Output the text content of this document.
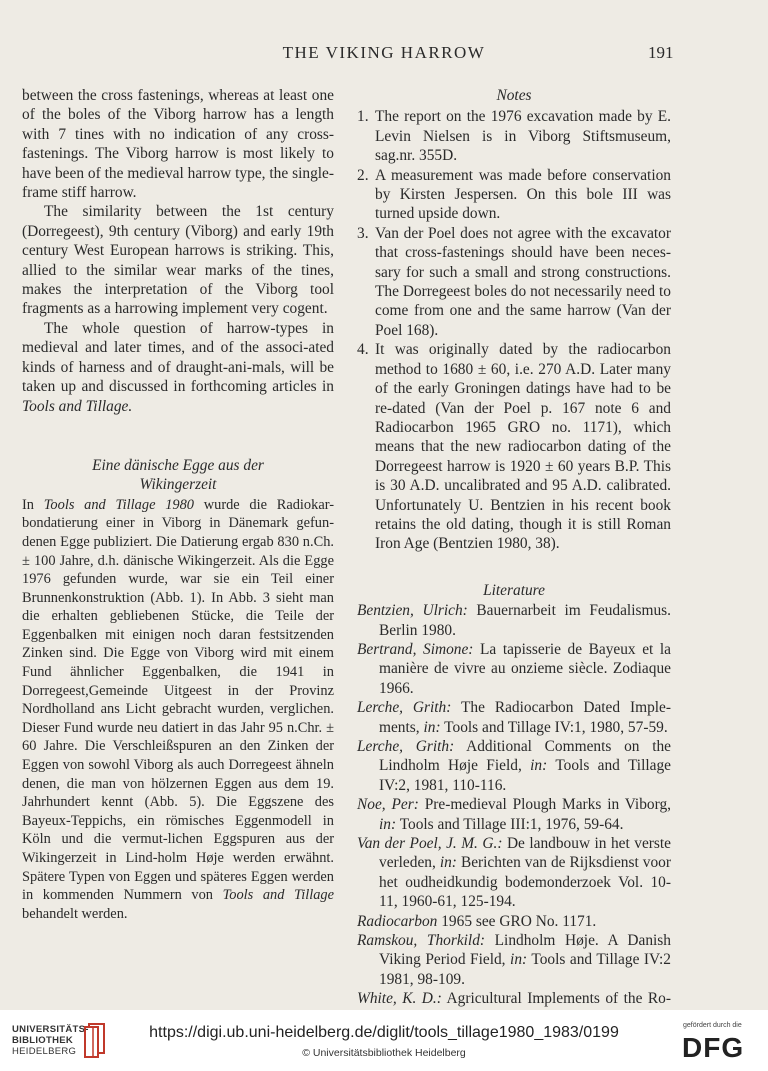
THE VIKING HARROW	191

between the cross fastenings, whereas at least one of the boles of the Viborg harrow has a length with 7 tines with no indication of any cross-fastenings. The Viborg harrow is most likely to have been of the medieval harrow type, the single-frame stiff harrow.

The similarity between the 1st century (Dorregeest), 9th century (Viborg) and early 19th century West European harrows is striking. This, allied to the similar wear marks of the tines, makes the interpretation of the Viborg tool fragments as a harrowing implement very cogent.

The whole question of harrow-types in medieval and later times, and of the associ-ated kinds of harness and of draught-ani-mals, will be taken up and discussed in forthcoming articles in Tools and Tillage.

Eine dänische Egge aus der
Wikingerzeit

In Tools and Tillage 1980 wurde die Radiokar-bondatierung einer in Viborg in Dänemark gefun-denen Egge publiziert. Die Datierung ergab 830 n.Ch. ± 100 Jahre, d.h. dänische Wikingerzeit. Als die Egge 1976 gefunden wurde, war sie ein Teil einer Brunnenkonstruktion (Abb. 1). In Abb. 3 sieht man die erhalten gebliebenen Stücke, die Teile der Eggenbalken mit einigen noch daran festsitzenden Zinken sind. Die Egge von Viborg wird mit einem Fund ähnlicher Eggenbalken, die 1941 in Dorregeest,Gemeinde Uitgeest in der Provinz Nordholland ans Licht gebracht wurden, verglichen. Dieser Fund wurde neu datiert in das Jahr 95 n.Chr. ± 60 Jahre. Die Verschleißspuren an den Zinken der Eggen von sowohl Viborg als auch Dorregeest ähneln denen, die man von hölzernen Eggen aus dem 19. Jahrhundert kennt (Abb. 5). Die Eggszene des Bayeux-Teppichs, ein römisches Eggenmodell in Köln und die vermut-lichen Eggspuren aus der Wikingerzeit in Lind-holm Høje werden erwähnt. Spätere Typen von Eggen und späteres Eggen werden in kommenden Nummern von Tools and Tillage behandelt werden.

Notes
1. The report on the 1976 excavation made by E. Levin Nielsen is in Viborg Stiftsmuseum, sag.nr. 355D.
2. A measurement was made before conservation by Kirsten Jespersen. On this bole III was turned upside down.
3. Van der Poel does not agree with the excavator that cross-fastenings should have been neces-sary for such a small and strong constructions. The Dorregeest boles do not necessarily need to come from one and the same harrow (Van der Poel 168).
4. It was originally dated by the radiocarbon method to 1680 ± 60, i.e. 270 A.D. Later many of the early Groningen datings have had to be re-dated (Van der Poel p. 167 note 6 and Radiocarbon 1965 GRO no. 1171), which means that the new radiocarbon dating of the Dorregeest harrow is 1920 ± 60 years B.P. This is 30 A.D. uncalibrated and 95 A.D. calibrated. Unfortunately U. Bentzien in his recent book retains the old dating, though it is still Roman Iron Age (Bentzien 1980, 38).
Literature

Bentzien, Ulrich: Bauernarbeit im Feudalismus. Berlin 1980.

Bertrand, Simone: La tapisserie de Bayeux et la manière de vivre au onzieme siècle. Zodiaque 1966.

Lerche, Grith: The Radiocarbon Dated Imple-ments, in: Tools and Tillage IV:1, 1980, 57-59.

Lerche, Grith: Additional Comments on the Lindholm Høje Field, in: Tools and Tillage IV:2, 1981, 110-116.

Noe, Per: Pre-medieval Plough Marks in Viborg, in: Tools and Tillage III:1, 1976, 59-64.

Van der Poel, J. M. G.: De landbouw in het verste verleden, in: Berichten van de Rijksdienst voor het oudheidkundig bodemonderzoek Vol. 10-11, 1960-61, 125-194.

Radiocarbon 1965 see GRO No. 1171.

Ramskou, Thorkild: Lindholm Høje. A Danish Viking Period Field, in: Tools and Tillage IV:2 1981, 98-109.

White, K. D.: Agricultural Implements of the Ro-

UNIVERSITÄTS-
BIBLIOTHEK
HEIDELBERG
https://digi.ub.uni-heidelberg.de/diglit/tools_tillage1980_1983/0199
© Universitätsbibliothek Heidelberg
gefördert durch die
DFG
